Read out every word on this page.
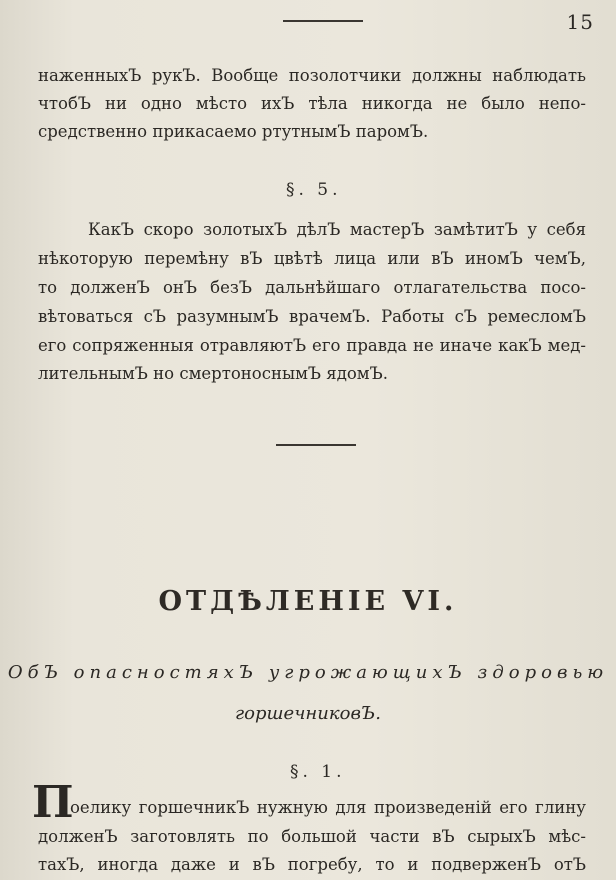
15
наженныхЪ рукЪ. Вообще позолотчики должны наблюдать
чтобЪ ни одно мѣсто ихЪ тѣла никогда не было непо-
средственно прикасаемо ртутнымЪ паромЪ.
§. 5.
КакЪ скоро золотыхЪ дѣлЪ мастерЪ замѣтитЪ у себя
нѣкоторую перемѣну вЪ цвѣтѣ лица или вЪ иномЪ чемЪ,
то долженЪ онЪ безЪ дальнѣйшаго отлагательства посо-
вѣтоваться сЪ разумнымЪ врачемЪ. Работы сЪ ремесломЪ
его сопряженныя отравляютЪ его правда не иначе какЪ мед-
лительнымЪ но смертоноснымЪ ядомЪ.
ОТДѢЛЕНІЕ VI.
ОбЪ опасностяхЪ угрожающихЪ здоровью
горшечниковЪ.
§. 1.
П
оелику горшечникЪ нужную для произведеній его глину
долженЪ заготовлять по большой части вЪ сырыхЪ мѣс-
тахЪ, иногда даже и вЪ погребу, то и подверженЪ отЪ
